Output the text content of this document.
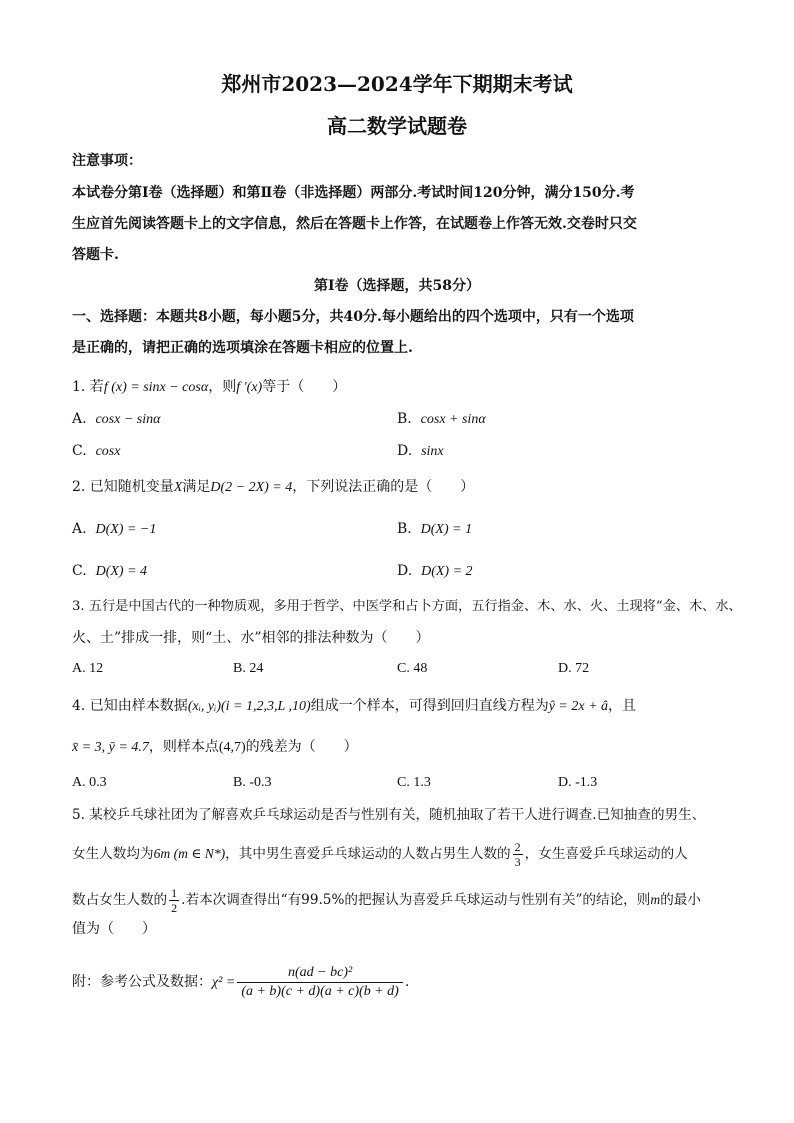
郑州市2023—2024学年下期期末考试
高二数学试题卷
注意事项：
本试卷分第Ⅰ卷（选择题）和第Ⅱ卷（非选择题）两部分.考试时间120分钟，满分150分.考
生应首先阅读答题卡上的文字信息，然后在答题卡上作答，在试题卷上作答无效.交卷时只交
答题卡.
第Ⅰ卷（选择题，共58分）
一、选择题：本题共8小题，每小题5分，共40分.每小题给出的四个选项中，只有一个选项
是正确的，请把正确的选项填涂在答题卡相应的位置上.
1. 若f (x) = sinx − cosα，则f ′(x)等于（　　）
A. cosx − sinα	B. cosx + sinα
C. cosx	D. sinx
2. 已知随机变量X满足D(2 − 2X) = 4，下列说法正确的是（　　）
A. D(X) = −1	B. D(X) = 1
C. D(X) = 4	D. D(X) = 2
3. 五行是中国古代的一种物质观，多用于哲学、中医学和占卜方面，五行指金、木、水、火、土现将“金、木、水、
火、土”排成一排，则“土、水”相邻的排法种数为（　　）
A. 12	B. 24	C. 48	D. 72
4. 已知由样本数据(xᵢ, yᵢ)(i = 1,2,3,L ,10)组成一个样本，可得到回归直线方程为ŷ = 2x + â，且
x̄ = 3, ȳ = 4.7，则样本点(4,7)的残差为（　　）
A. 0.3	B. -0.3	C. 1.3	D. -1.3
5. 某校乒乓球社团为了解喜欢乒乓球运动是否与性别有关，随机抽取了若干人进行调查.已知抽查的男生、
女生人数均为6m (m ∈ N*)，其中男生喜爱乒乓球运动的人数占男生人数的 $\frac{2}{3}$ ，女生喜爱乒乓球运动的人
数占女生人数的 $\frac{1}{2}$ .若本次调查得出“有99.5%的把握认为喜爱乒乓球运动与性别有关”的结论，则m的最小
值为（　　）
附：参考公式及数据：$\chi^2 = \frac{\text{n(ad − bc)²}}{(a + b)(c + d)(a + c)(b + d)}$ .
